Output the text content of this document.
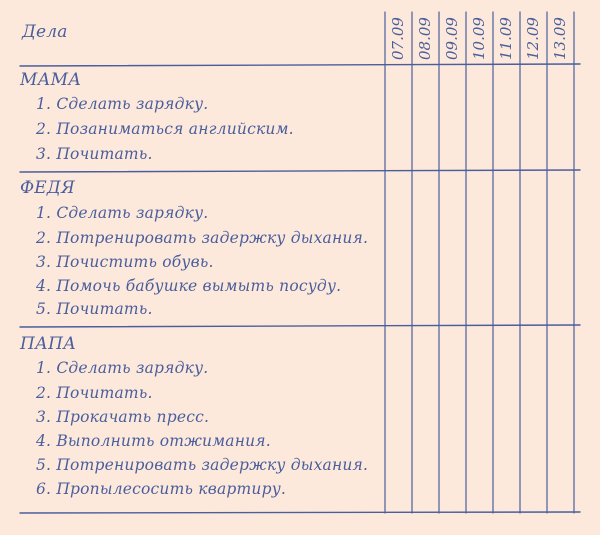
Дела	07.09 08.09 09.09 10.09 11.09 12.09 13.09
МАМА
1. Сделать зарядку.
2. Позаниматься английским.
3. Почитать.
ФЕДЯ
1. Сделать зарядку.
2. Потренировать задержку дыхания.
3. Почистить обувь.
4. Помочь бабушке вымыть посуду.
5. Почитать.
ПАПА
1. Сделать зарядку.
2. Почитать.
3. Прокачать пресс.
4. Выполнить отжимания.
5. Потренировать задержку дыхания.
6. Пропылесосить квартиру.
